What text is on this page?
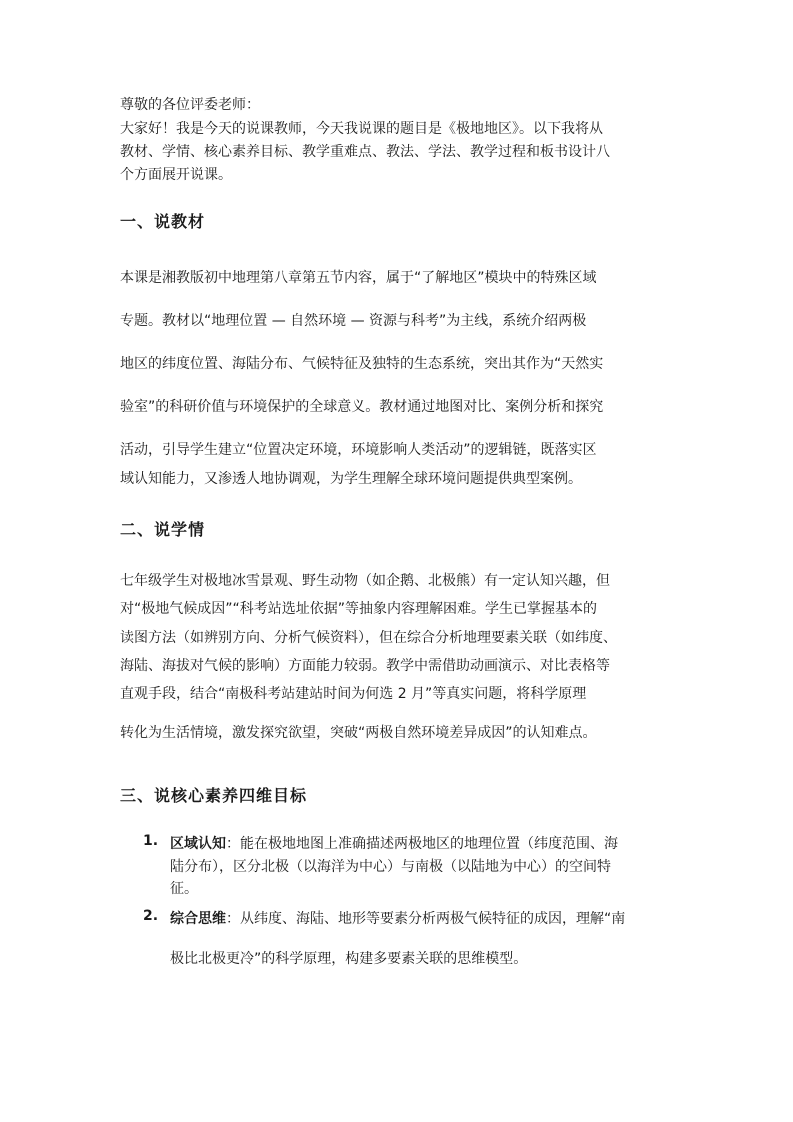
尊敬的各位评委老师：

大家好！我是今天的说课教师，今天我说课的题目是《极地地区》。以下我将从

教材、学情、核心素养目标、教学重难点、教法、学法、教学过程和板书设计八

个方面展开说课。

一、说教材

本课是湘教版初中地理第八章第五节内容，属于“了解地区”模块中的特殊区域

专题。教材以“地理位置 — 自然环境 — 资源与科考”为主线，系统介绍两极

地区的纬度位置、海陆分布、气候特征及独特的生态系统，突出其作为“天然实

验室”的科研价值与环境保护的全球意义。教材通过地图对比、案例分析和探究

活动，引导学生建立“位置决定环境，环境影响人类活动”的逻辑链，既落实区

域认知能力，又渗透人地协调观，为学生理解全球环境问题提供典型案例。

二、说学情

七年级学生对极地冰雪景观、野生动物（如企鹅、北极熊）有一定认知兴趣，但

对“极地气候成因”“科考站选址依据”等抽象内容理解困难。学生已掌握基本的

读图方法（如辨别方向、分析气候资料），但在综合分析地理要素关联（如纬度、

海陆、海拔对气候的影响）方面能力较弱。教学中需借助动画演示、对比表格等

直观手段，结合“南极科考站建站时间为何选 2 月”等真实问题，将科学原理

转化为生活情境，激发探究欲望，突破“两极自然环境差异成因”的认知难点。

三、说核心素养四维目标
1. 区域认知：能在极地地图上准确描述两极地区的地理位置（纬度范围、海

陆分布），区分北极（以海洋为中心）与南极（以陆地为中心）的空间特

征。

2. 综合思维：从纬度、海陆、地形等要素分析两极气候特征的成因，理解“南

极比北极更冷”的科学原理，构建多要素关联的思维模型。
